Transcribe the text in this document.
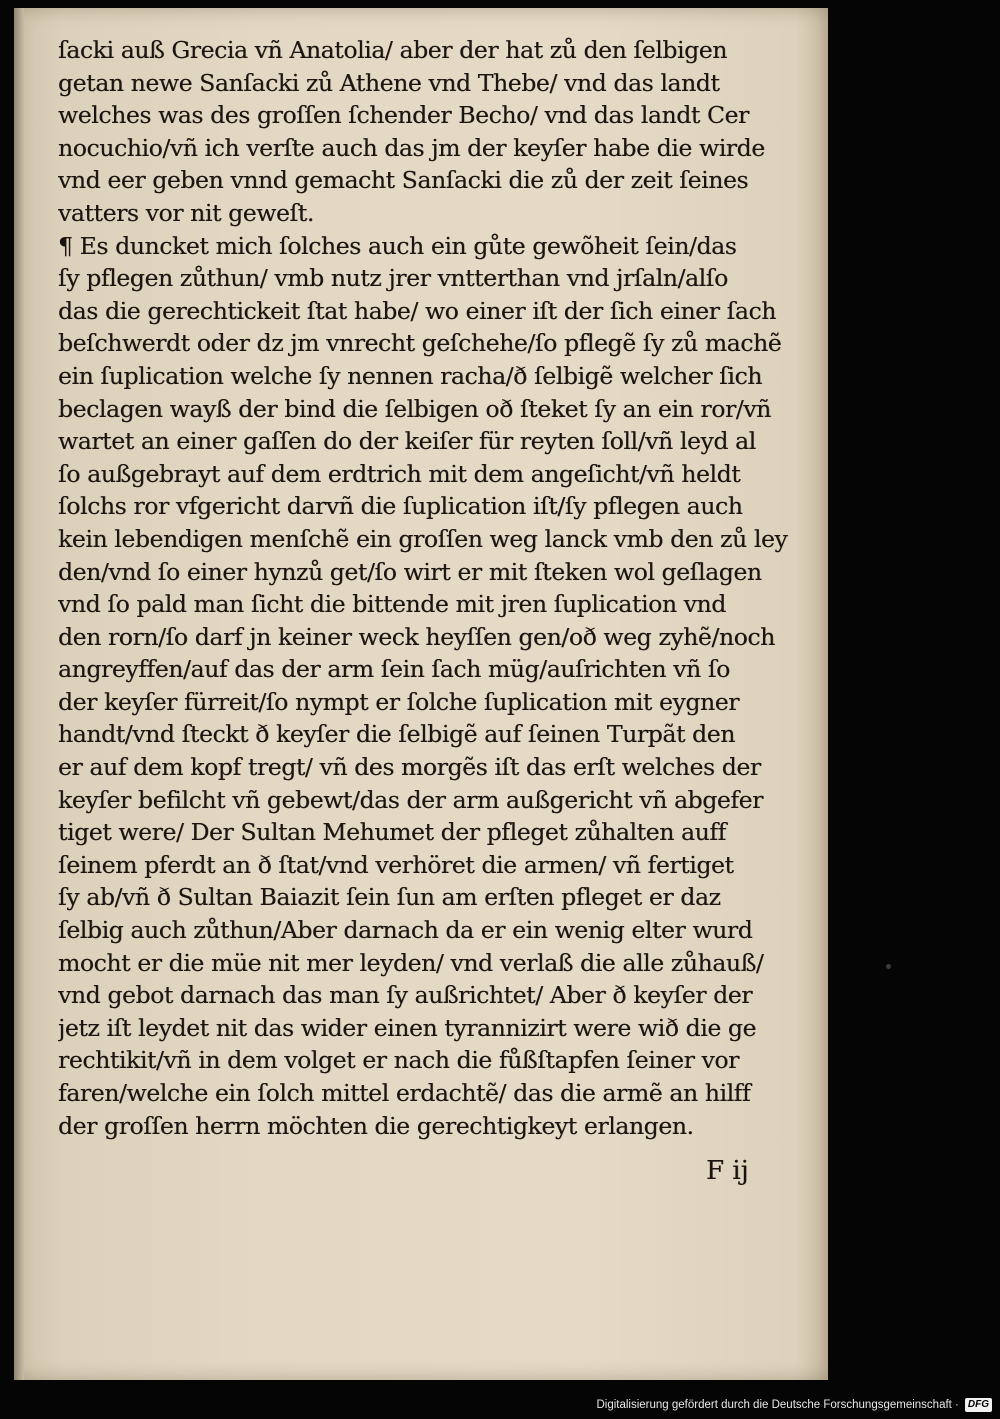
ſacki auß Grecia vñ Anatolia/ aber der hat zů den ſelbigen
getan newe Sanſacki zů Athene vnd Thebe/ vnd das landt
welches was des groſſen ſchender Becho/ vnd das landt Cer
nocuchio/vñ ich verſte auch das jm der keyſer habe die wirde
vnd eer geben vnnd gemacht Sanſacki die zů der zeit ſeines
vatters vor nit geweſt.
¶ Es duncket mich ſolches auch ein gůte gewõheit ſein/das
ſy pflegen zůthun/ vmb nutz jrer vntterthan vnd jrſaln/alſo
das die gerechtickeit ſtat habe/ wo einer iſt der ſich einer ſach
beſchwerdt oder dz jm vnrecht geſchehe/ſo pflegẽ ſy zů machẽ
ein ſuplication welche ſy nennen racha/ð ſelbigẽ welcher ſich
beclagen wayß der bind die ſelbigen oð ſteket ſy an ein ror/vñ
wartet an einer gaſſen do der keiſer für reyten ſoll/vñ leyd al
ſo außgebrayt auf dem erdtrich mit dem angeſicht/vñ heldt
ſolchs ror vfgericht darvñ die ſuplication iſt/ſy pflegen auch
kein lebendigen menſchẽ ein groſſen weg lanck vmb den zů ley
den/vnd ſo einer hynzů get/ſo wirt er mit ſteken wol geſlagen
vnd ſo pald man ſicht die bittende mit jren ſuplication vnd
den rorn/ſo darf jn keiner weck heyſſen gen/oð weg zyhẽ/noch
angreyffen/auf das der arm ſein ſach müg/auſrichten vñ ſo
der keyſer fürreit/ſo nympt er ſolche ſuplication mit eygner
handt/vnd ſteckt ð keyſer die ſelbigẽ auf ſeinen Turpãt den
er auf dem kopf tregt/ vñ des morgẽs iſt das erſt welches der
keyſer befilcht vñ gebewt/das der arm außgericht vñ abgefer
tiget were/ Der Sultan Mehumet der pfleget zůhalten auff
ſeinem pferdt an ð ſtat/vnd verhöret die armen/ vñ fertiget
ſy ab/vñ ð Sultan Baiazit ſein ſun am erſten pfleget er daz
ſelbig auch zůthun/Aber darnach da er ein wenig elter wurd
mocht er die müe nit mer leyden/ vnd verlaß die alle zůhauß/
vnd gebot darnach das man ſy außrichtet/ Aber ð keyſer der
jetz iſt leydet nit das wider einen tyrannizirt were wið die ge
rechtikit/vñ in dem volget er nach die fůßſtapfen ſeiner vor
faren/welche ein ſolch mittel erdachtẽ/ das die armẽ an hilff
der groſſen herrn möchten die gerechtigkeyt erlangen.
F ij
Digitalisierung gefördert durch die Deutsche Forschungsgemeinschaft · DFG
